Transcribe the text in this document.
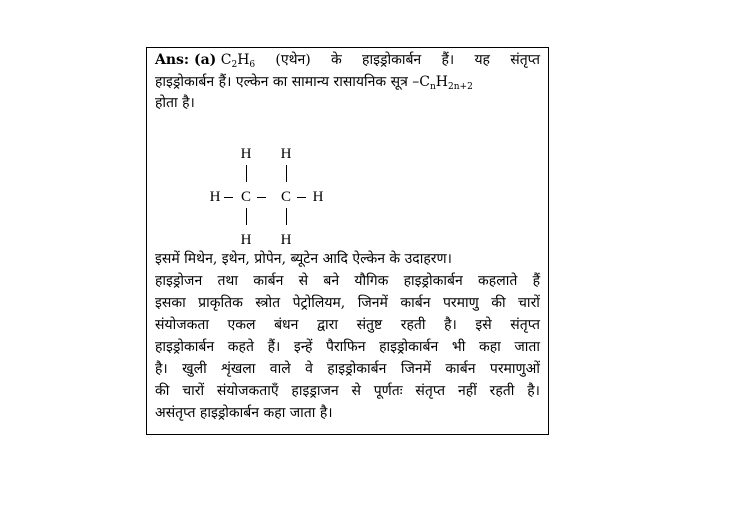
Ans: (a) $C_2H_6$ (एथेन) के हाइड्रोकार्बन हैं। यह संतृप्त
हाइड्रोकार्बन हैं। एल्केन का सामान्य रासायनिक सूत्र $-C_nH_{2n+2}$
होता है।
H H
H C C H
H H
इसमें मिथेन, इथेन, प्रोपेन, ब्यूटेन आदि ऐल्केन के उदाहरण।
हाइड्रोजन तथा कार्बन से बने यौगिक हाइड्रोकार्बन कहलाते हैं
इसका प्राकृतिक स्त्रोत पेट्रोलियम, जिनमें कार्बन परमाणु की चारों
संयोजकता एकल बंधन द्वारा संतुष्ट रहती है। इसे संतृप्त
हाइड्रोकार्बन कहते हैं। इन्हें पैराफिन हाइड्रोकार्बन भी कहा जाता
है। खुली शृंखला वाले वे हाइड्रोकार्बन जिनमें कार्बन परमाणुओं
की चारों संयोजकताएँ हाइड्राजन से पूर्णतः संतृप्त नहीं रहती है।
असंतृप्त हाइड्रोकार्बन कहा जाता है।
